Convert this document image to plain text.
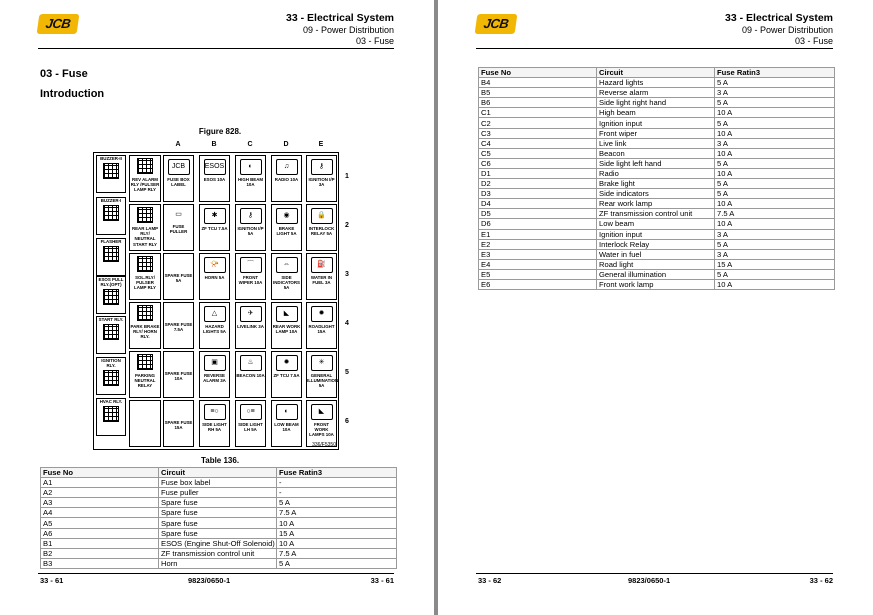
JCB	33 - Electrical System
09 - Power Distribution
03 - Fuse
03 - Fuse
Introduction
Figure 828.
A	B	C	D	E
1
2
3
4
5
6
JCB
FUSE BOX LABEL
ESOS
ESOS 10A
◐
HIGH BEAM 10A
♫
RADIO 10A
⚷
IGNITION I/P 3A
▭
FUSE PULLER
✱
ZF TCU 7.5A
⚷
IGNITION I/P 5A
◉
BRAKE LIGHT 5A
🔒
INTERLOCK RELAY 5A
SPARE FUSE 5A
📯
HORN 5A
⌒
FRONT WIPER 10A
⇔
SIDE INDICATORS 5A
⛽
WATER IN FUEL 3A
SPARE FUSE 7.5A
△
HAZARD LIGHTS 5A
✈
LIVELINK 3A
◣
REAR WORK LAMP 10A
✹
ROADLIGHT 15A
SPARE FUSE 10A
▣
REVERSE ALARM 3A
♨
BEACON 10A
✹
ZF TCU 7.5A
✳
GENERAL ILLUMINATION 5A
SPARE FUSE 15A
≡○
SIDE LIGHT RH 5A
○≡
SIDE LIGHT LH 5A
◐
LOW BEAM 10A
◣
FRONT WORK LAMPS 10A
BUZZER-II
BUZZER-I
FLASHER
ESOS PULL RLY.(OPT)
START RLY.
IGNITION RLY.
HVAC RLY.
REV ALARM RLY /PULSER LAMP RLY
REAR LAMP RLY/ NEUTRAL START RLY
SOL.RLY/ PULSER LAMP RLY
PARK BRAKE RLY/ HORN RLY.
PARKING NEUTRAL RELAY
336/F5350
Table 136.
Fuse No	Circuit	Fuse Ratin3
A1	Fuse box label	-
A2	Fuse puller	-
A3	Spare fuse	5 A
A4	Spare fuse	7.5 A
A5	Spare fuse	10 A
A6	Spare fuse	15 A
B1	ESOS (Engine Shut-Off Solenoid)	10 A
B2	ZF transmission control unit	7.5 A
B3	Horn	5 A
33 - 61	9823/0650-1	33 - 61
JCB	33 - Electrical System
09 - Power Distribution
03 - Fuse
Fuse No	Circuit	Fuse Ratin3
B4	Hazard lights	5 A
B5	Reverse alarm	3 A
B6	Side light right hand	5 A
C1	High beam	10 A
C2	Ignition input	5 A
C3	Front wiper	10 A
C4	Live link	3 A
C5	Beacon	10 A
C6	Side light left hand	5 A
D1	Radio	10 A
D2	Brake light	5 A
D3	Side indicators	5 A
D4	Rear work lamp	10 A
D5	ZF transmission control unit	7.5 A
D6	Low beam	10 A
E1	Ignition input	3 A
E2	Interlock Relay	5 A
E3	Water in fuel	3 A
E4	Road light	15 A
E5	General illumination	5 A
E6	Front work lamp	10 A
33 - 62	9823/0650-1	33 - 62
